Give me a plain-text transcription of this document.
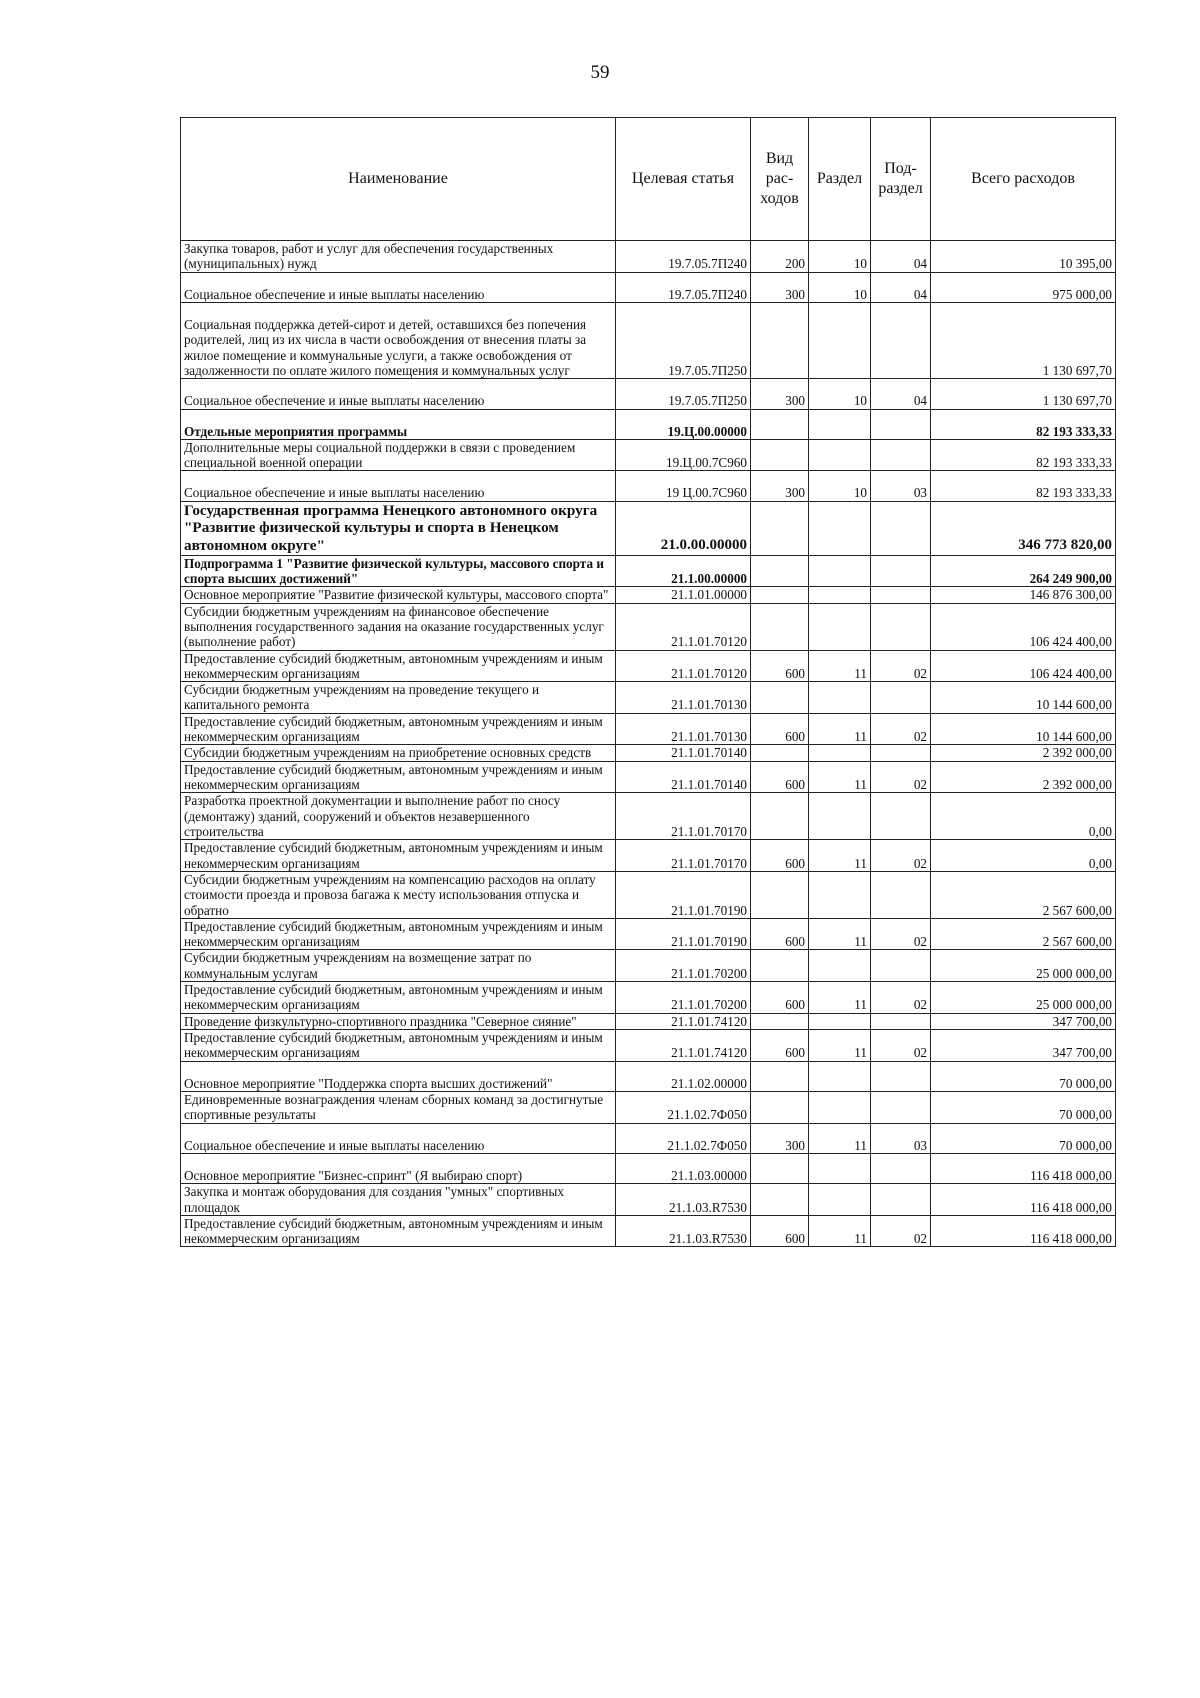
59
Наименование	Целевая статья	Вид рас-ходов	Раздел	Под-раздел	Всего расходов
Закупка товаров, работ и услуг для обеспечения государственных (муниципальных) нужд	19.7.05.7П240	200	10	04	10 395,00
Социальное обеспечение и иные выплаты населению	19.7.05.7П240	300	10	04	975 000,00
Социальная поддержка детей-сирот и детей, оставшихся без попечения родителей, лиц из их числа в части освобождения от внесения платы за жилое помещение и коммунальные услуги, а также освобождения от задолженности по оплате жилого помещения и коммунальных услуг	19.7.05.7П250				1 130 697,70
Социальное обеспечение и иные выплаты населению	19.7.05.7П250	300	10	04	1 130 697,70
Отдельные мероприятия программы	19.Ц.00.00000				82 193 333,33
Дополнительные меры социальной поддержки в связи с проведением специальной военной операции	19.Ц.00.7С960				82 193 333,33
Социальное обеспечение и иные выплаты населению	19 Ц.00.7С960	300	10	03	82 193 333,33
Государственная программа Ненецкого автономного округа "Развитие физической культуры и спорта в Ненецком автономном округе"	21.0.00.00000				346 773 820,00
Подпрограмма 1 "Развитие физической культуры, массового спорта и спорта высших достижений"	21.1.00.00000				264 249 900,00
Основное мероприятие "Развитие физической культуры, массового спорта"	21.1.01.00000				146 876 300,00
Субсидии бюджетным учреждениям на финансовое обеспечение выполнения государственного задания на оказание государственных услуг (выполнение работ)	21.1.01.70120				106 424 400,00
Предоставление субсидий бюджетным, автономным учреждениям и иным некоммерческим организациям	21.1.01.70120	600	11	02	106 424 400,00
Субсидии бюджетным учреждениям на проведение текущего и капитального ремонта	21.1.01.70130				10 144 600,00
Предоставление субсидий бюджетным, автономным учреждениям и иным некоммерческим организациям	21.1.01.70130	600	11	02	10 144 600,00
Субсидии бюджетным учреждениям на приобретение основных средств	21.1.01.70140				2 392 000,00
Предоставление субсидий бюджетным, автономным учреждениям и иным некоммерческим организациям	21.1.01.70140	600	11	02	2 392 000,00
Разработка проектной документации и выполнение работ по сносу (демонтажу) зданий, сооружений и объектов незавершенного строительства	21.1.01.70170				0,00
Предоставление субсидий бюджетным, автономным учреждениям и иным некоммерческим организациям	21.1.01.70170	600	11	02	0,00
Субсидии бюджетным учреждениям на компенсацию расходов на оплату стоимости проезда и провоза багажа к месту использования отпуска и обратно	21.1.01.70190				2 567 600,00
Предоставление субсидий бюджетным, автономным учреждениям и иным некоммерческим организациям	21.1.01.70190	600	11	02	2 567 600,00
Субсидии бюджетным учреждениям на возмещение затрат по коммунальным услугам	21.1.01.70200				25 000 000,00
Предоставление субсидий бюджетным, автономным учреждениям и иным некоммерческим организациям	21.1.01.70200	600	11	02	25 000 000,00
Проведение физкультурно-спортивного праздника "Северное сияние"	21.1.01.74120				347 700,00
Предоставление субсидий бюджетным, автономным учреждениям и иным некоммерческим организациям	21.1.01.74120	600	11	02	347 700,00
Основное мероприятие "Поддержка спорта высших достижений"	21.1.02.00000				70 000,00
Единовременные вознаграждения членам сборных команд за достигнутые спортивные результаты	21.1.02.7Ф050				70 000,00
Социальное обеспечение и иные выплаты населению	21.1.02.7Ф050	300	11	03	70 000,00
Основное мероприятие "Бизнес-спринт" (Я выбираю спорт)	21.1.03.00000				116 418 000,00
Закупка и монтаж оборудования для создания "умных" спортивных площадок	21.1.03.R7530				116 418 000,00
Предоставление субсидий бюджетным, автономным учреждениям и иным некоммерческим организациям	21.1.03.R7530	600	11	02	116 418 000,00
